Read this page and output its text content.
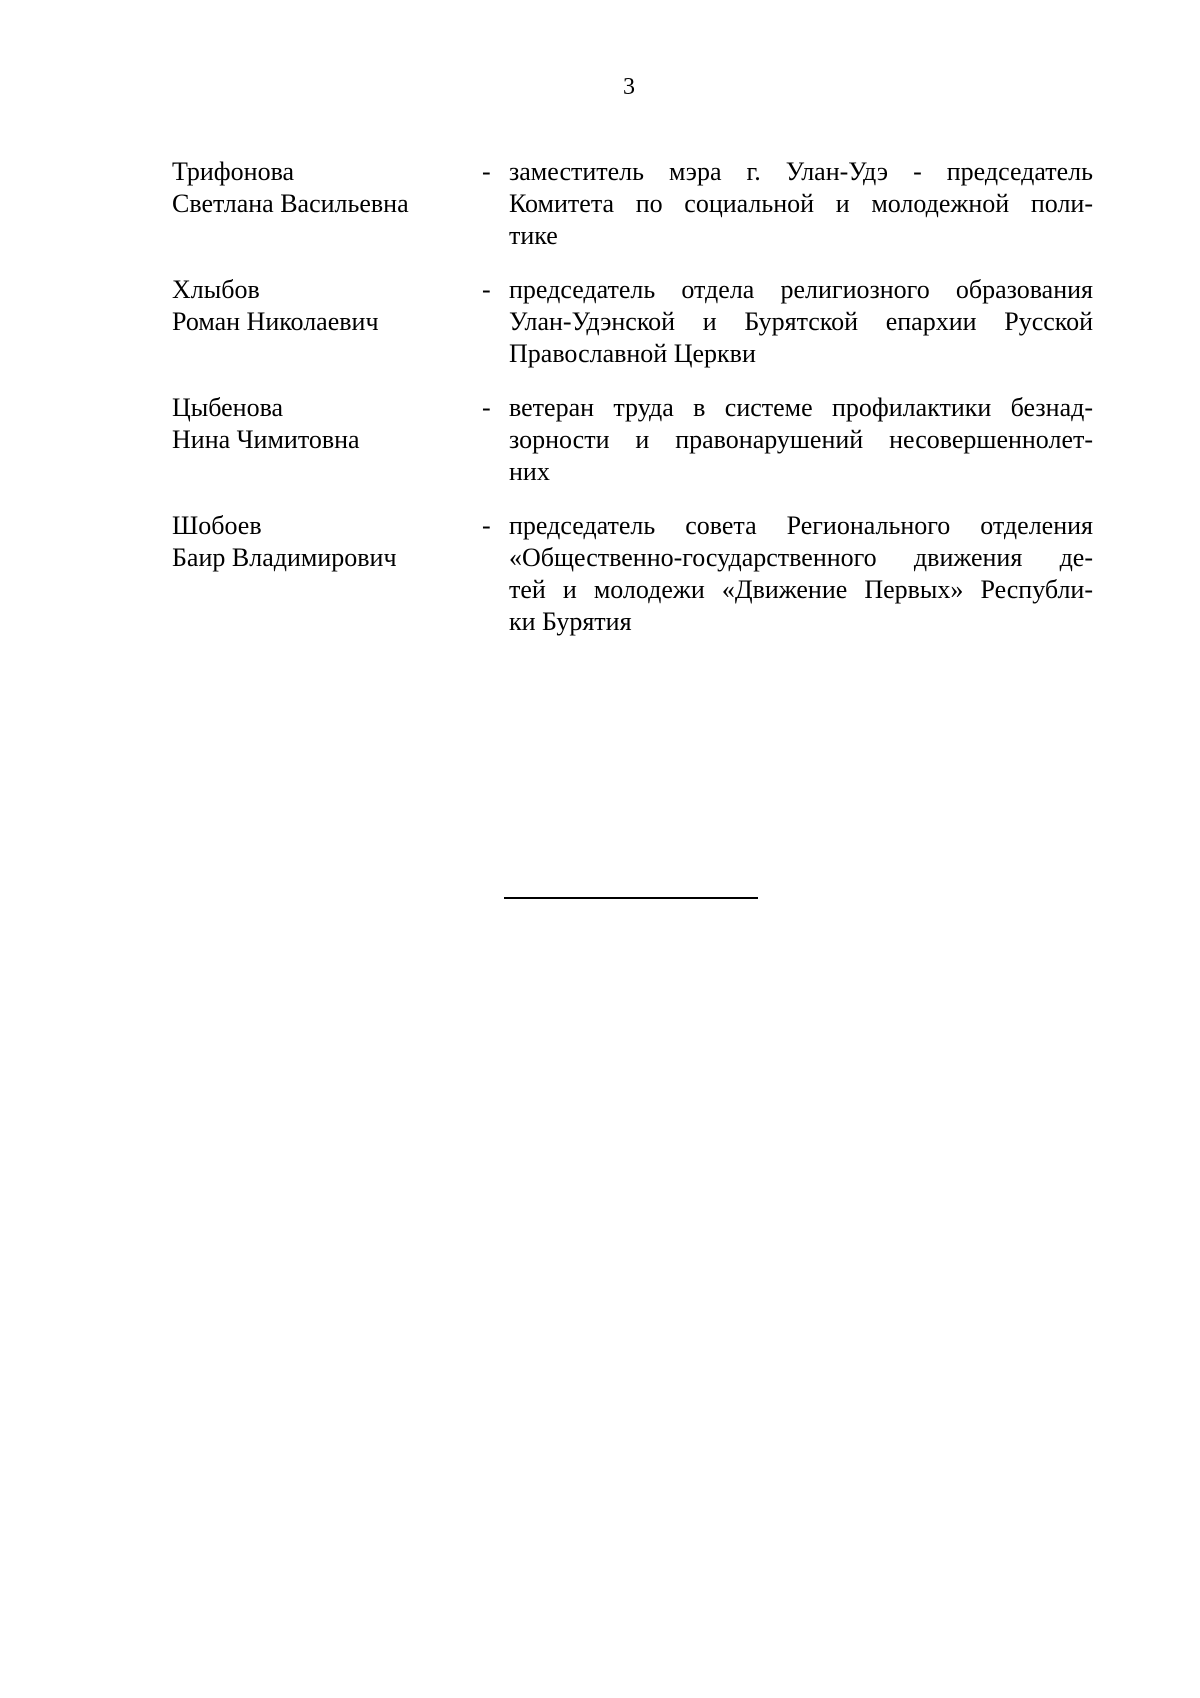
3
Трифонова
Светлана Васильевна
- заместитель мэра г. Улан-Удэ - председатель
Комитета по социальной и молодежной поли-
тике
Хлыбов
Роман Николаевич
- председатель отдела религиозного образования
Улан-Удэнской и Бурятской епархии Русской
Православной Церкви
Цыбенова
Нина Чимитовна
- ветеран труда в системе профилактики безнад-
зорности и правонарушений несовершеннолет-
них
Шобоев
Баир Владимирович
- председатель совета Регионального отделения
«Общественно-государственного движения де-
тей и молодежи «Движение Первых» Республи-
ки Бурятия
